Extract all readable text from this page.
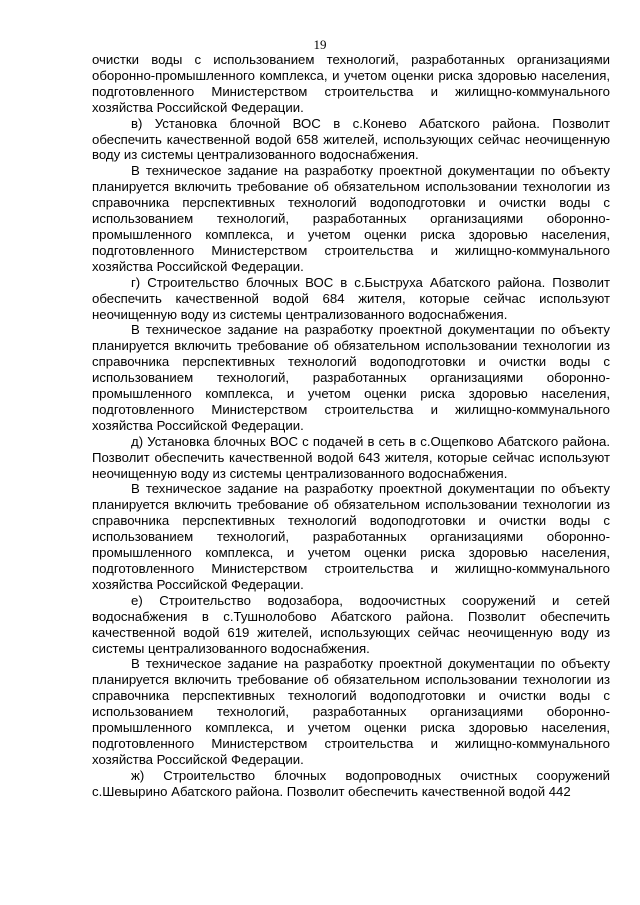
19

очистки воды с использованием технологий, разработанных организациями оборонно-промышленного комплекса, и учетом оценки риска здоровью населения, подготовленного Министерством строительства и жилищно-коммунального хозяйства Российской Федерации.

в) Установка блочной ВОС в с.Конево Абатского района. Позволит обеспечить качественной водой 658 жителей, использующих сейчас неочищенную воду из системы централизованного водоснабжения.

В техническое задание на разработку проектной документации по объекту планируется включить требование об обязательном использовании технологии из справочника перспективных технологий водоподготовки и очистки воды с использованием технологий, разработанных организациями оборонно-промышленного комплекса, и учетом оценки риска здоровью населения, подготовленного Министерством строительства и жилищно-коммунального хозяйства Российской Федерации.

г) Строительство блочных ВОС в с.Быструха Абатского района. Позволит обеспечить качественной водой 684 жителя, которые сейчас используют неочищенную воду из системы централизованного водоснабжения.

В техническое задание на разработку проектной документации по объекту планируется включить требование об обязательном использовании технологии из справочника перспективных технологий водоподготовки и очистки воды с использованием технологий, разработанных организациями оборонно-промышленного комплекса, и учетом оценки риска здоровью населения, подготовленного Министерством строительства и жилищно-коммунального хозяйства Российской Федерации.

д) Установка блочных ВОС с подачей в сеть в с.Ощепково Абатского района. Позволит обеспечить качественной водой 643 жителя, которые сейчас используют неочищенную воду из системы централизованного водоснабжения.

В техническое задание на разработку проектной документации по объекту планируется включить требование об обязательном использовании технологии из справочника перспективных технологий водоподготовки и очистки воды с использованием технологий, разработанных организациями оборонно-промышленного комплекса, и учетом оценки риска здоровью населения, подготовленного Министерством строительства и жилищно-коммунального хозяйства Российской Федерации.

е) Строительство водозабора, водоочистных сооружений и сетей водоснабжения в с.Тушнолобово Абатского района. Позволит обеспечить качественной водой 619 жителей, использующих сейчас неочищенную воду из системы централизованного водоснабжения.

В техническое задание на разработку проектной документации по объекту планируется включить требование об обязательном использовании технологии из справочника перспективных технологий водоподготовки и очистки воды с использованием технологий, разработанных организациями оборонно-промышленного комплекса, и учетом оценки риска здоровью населения, подготовленного Министерством строительства и жилищно-коммунального хозяйства Российской Федерации.

ж) Строительство блочных водопроводных очистных сооружений с.Шевырино Абатского района. Позволит обеспечить качественной водой 442
